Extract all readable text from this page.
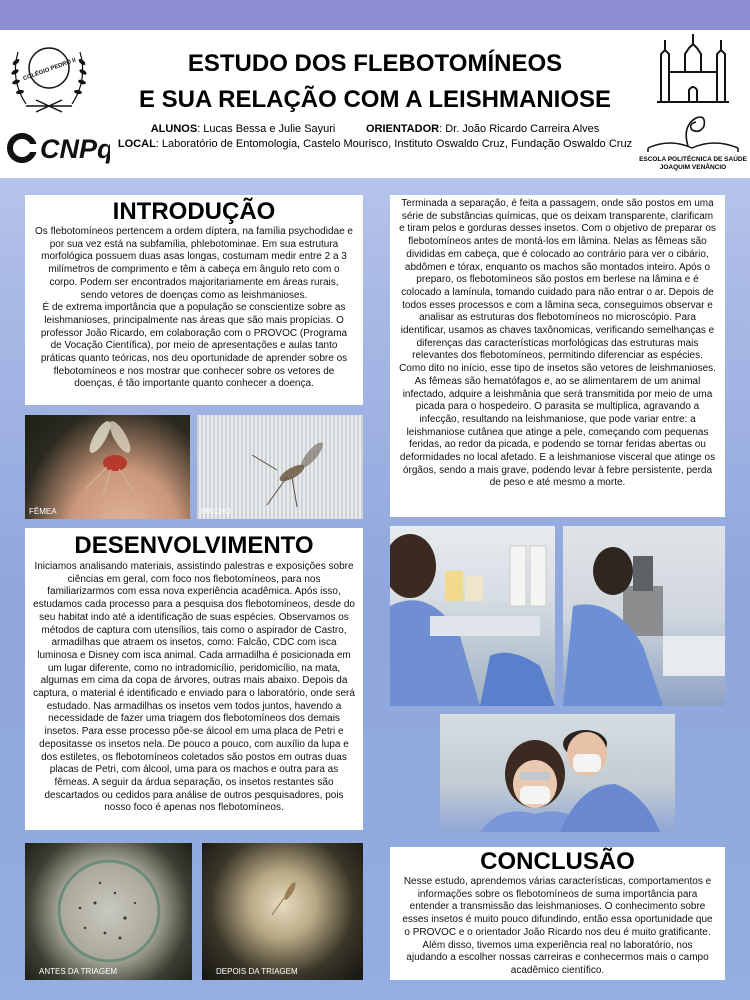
COLÉGIO PEDRO II
CNPq
ESTUDO DOS FLEBOTOMÍNEOS
E SUA RELAÇÃO COM A LEISHMANIOSE
ALUNOS: Lucas Bessa e Julie Sayuri	ORIENTADOR: Dr. João Ricardo Carreira Alves
LOCAL: Laboratório de Entomologia, Castelo Mourisco, Instituto Oswaldo Cruz, Fundação Oswaldo Cruz
ESCOLA POLITÉCNICA DE SAÚDE
JOAQUIM VENÂNCIO
INTRODUÇÃO
Os flebotomíneos pertencem a ordem díptera, na família psychodidae e por sua vez está na subfamília, phlebotominae. Em sua estrutura morfológica possuem duas asas longas, costumam medir entre 2 a 3 milímetros de comprimento e têm a cabeça em ângulo reto com o corpo. Podem ser encontrados majoritariamente em áreas rurais, sendo vetores de doenças como as leishmanioses.
É de extrema importância que a população se conscientize sobre as leishmanioses, principalmente nas áreas que são mais propícias. O professor João Ricardo, em colaboração com o PROVOC (Programa de Vocação Científica), por meio de apresentações e aulas tanto práticas quanto teóricas, nos deu oportunidade de aprender sobre os flebotomíneos e nos mostrar que conhecer sobre os vetores de doenças, é tão importante quanto conhecer a doença.
FÊMEA	MACHO
DESENVOLVIMENTO
Iniciamos analisando materiais, assistindo palestras e exposições sobre ciências em geral, com foco nos flebotomíneos, para nos familiarizarmos com essa nova experiência acadêmica. Após isso, estudamos cada processo para a pesquisa dos flebotomíneos, desde do seu habitat indo até a identificação de suas espécies. Observamos os métodos de captura com utensílios, tais como o aspirador de Castro, armadilhas que atraem os insetos, como: Falcão, CDC com isca luminosa e Disney com isca animal. Cada armadilha é posicionada em um lugar diferente, como no intradomicílio, peridomicílio, na mata, algumas em cima da copa de árvores, outras mais abaixo. Depois da captura, o material é identificado e enviado para o laboratório, onde será estudado. Nas armadilhas os insetos vem todos juntos, havendo a necessidade de fazer uma triagem dos flebotomíneos dos demais insetos. Para esse processo põe-se álcool em uma placa de Petri e depositasse os insetos nela. De pouco a pouco, com auxílio da lupa e dos estiletes, os flebotomíneos coletados são postos em outras duas placas de Petri, com álcool, uma para os machos e outra para as fêmeas. A seguir da árdua separação, os insetos restantes são descartados ou cedidos para análise de outros pesquisadores, pois nosso foco é apenas nos flebotomíneos.
ANTES DA TRIAGEM	DEPOIS DA TRIAGEM
Terminada a separação, é feita a passagem, onde são postos em uma série de substâncias químicas, que os deixam transparente, clarificam e tiram pelos e gorduras desses insetos. Com o objetivo de preparar os flebotomíneos antes de montá-los em lâmina. Nelas as fêmeas são divididas em cabeça, que é colocado ao contrário para ver o cibário, abdômen e tórax, enquanto os machos são montados inteiro. Após o preparo, os flebotomíneos são postos em berlese na lâmina e é colocado a lamínula, tomando cuidado para não entrar o ar. Depois de todos esses processos e com a lâmina seca, conseguimos observar e analisar as estruturas dos flebotomíneos no microscópio. Para identificar, usamos as chaves taxônomicas, verificando semelhanças e diferenças das características morfológicas das estruturas mais relevantes dos flebotomíneos, permitindo diferenciar as espécies.
Como dito no início, esse tipo de insetos são vetores de leishmanioses. As fêmeas são hematófagos e, ao se alimentarem de um animal infectado, adquire a leishmânia que será transmitida por meio de uma picada para o hospedeiro. O parasita se multiplica, agravando a infecção, resultando na leishmaniose, que pode variar entre: a leishmaniose cutânea que atinge a pele, começando com pequenas feridas, ao redor da picada, e podendo se tornar feridas abertas ou deformidades no local afetado. E a leishmaniose visceral que atinge os órgãos, sendo a mais grave, podendo levar à febre persistente, perda de peso e até mesmo a morte.
CONCLUSÃO
Nesse estudo, aprendemos várias características, comportamentos e informações sobre os flebotomíneos de suma importância para entender a transmissão das leishmanioses. O conhecimento sobre esses insetos é muito pouco difundindo, então essa oportunidade que o PROVOC e o orientador João Ricardo nos deu é muito gratificante. Além disso, tivemos uma experiência real no laboratório, nos ajudando a escolher nossas carreiras e conhecermos mais o campo acadêmico científico.
